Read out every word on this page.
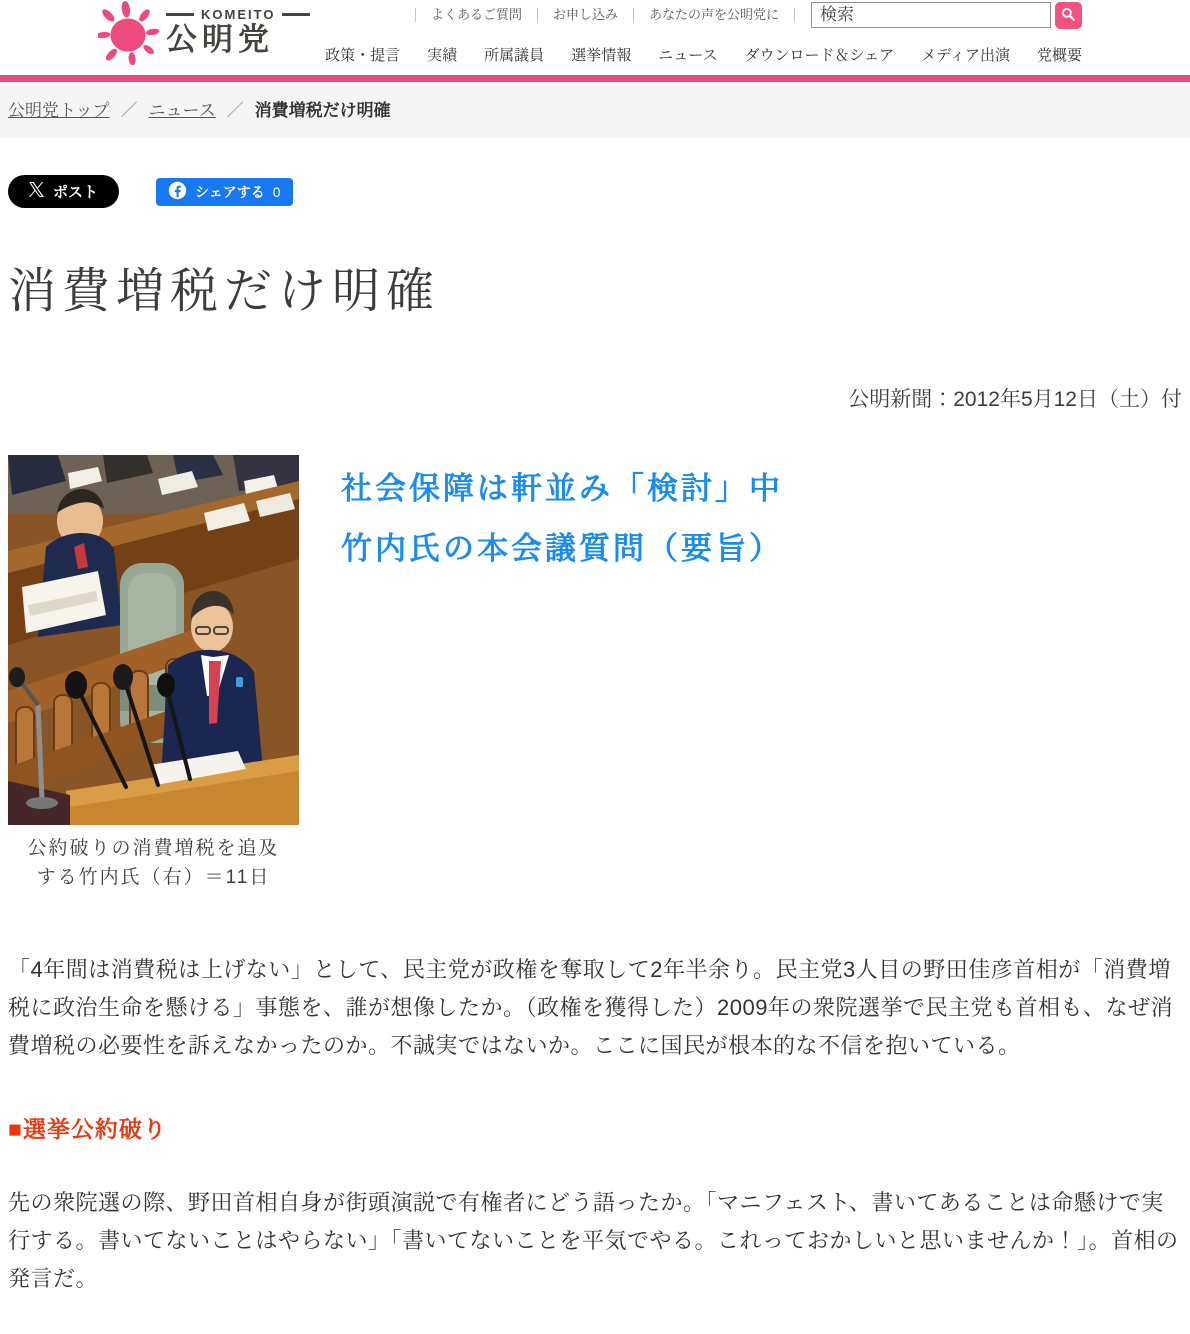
KOMEITO
公明党
よくあるご質問	お申し込み	あなたの声を公明党に
検索
政策・提言 実績 所属議員 選挙情報 ニュース ダウンロード＆シェア メディア出演 党概要
公明党トップ ／ ニュース ／ 消費増税だけ明確
ポスト	シェアする 0
消費増税だけ明確
公明新聞：2012年5月12日（土）付
公約破りの消費増税を追及
する竹内氏（右）＝11日
社会保障は軒並み「検討」中
竹内氏の本会議質問（要旨）

「4年間は消費税は上げない」として、民主党が政権を奪取して2年半余り。民主党3人目の野田佳彦首相が「消費増税に政治生命を懸ける」事態を、誰が想像したか。（政権を獲得した）2009年の衆院選挙で民主党も首相も、なぜ消費増税の必要性を訴えなかったのか。不誠実ではないか。ここに国民が根本的な不信を抱いている。

■選挙公約破り

先の衆院選の際、野田首相自身が街頭演説で有権者にどう語ったか。「マニフェスト、書いてあることは命懸けで実行する。書いてないことはやらない」「書いてないことを平気でやる。これっておかしいと思いませんか！」。首相の発言だ。
